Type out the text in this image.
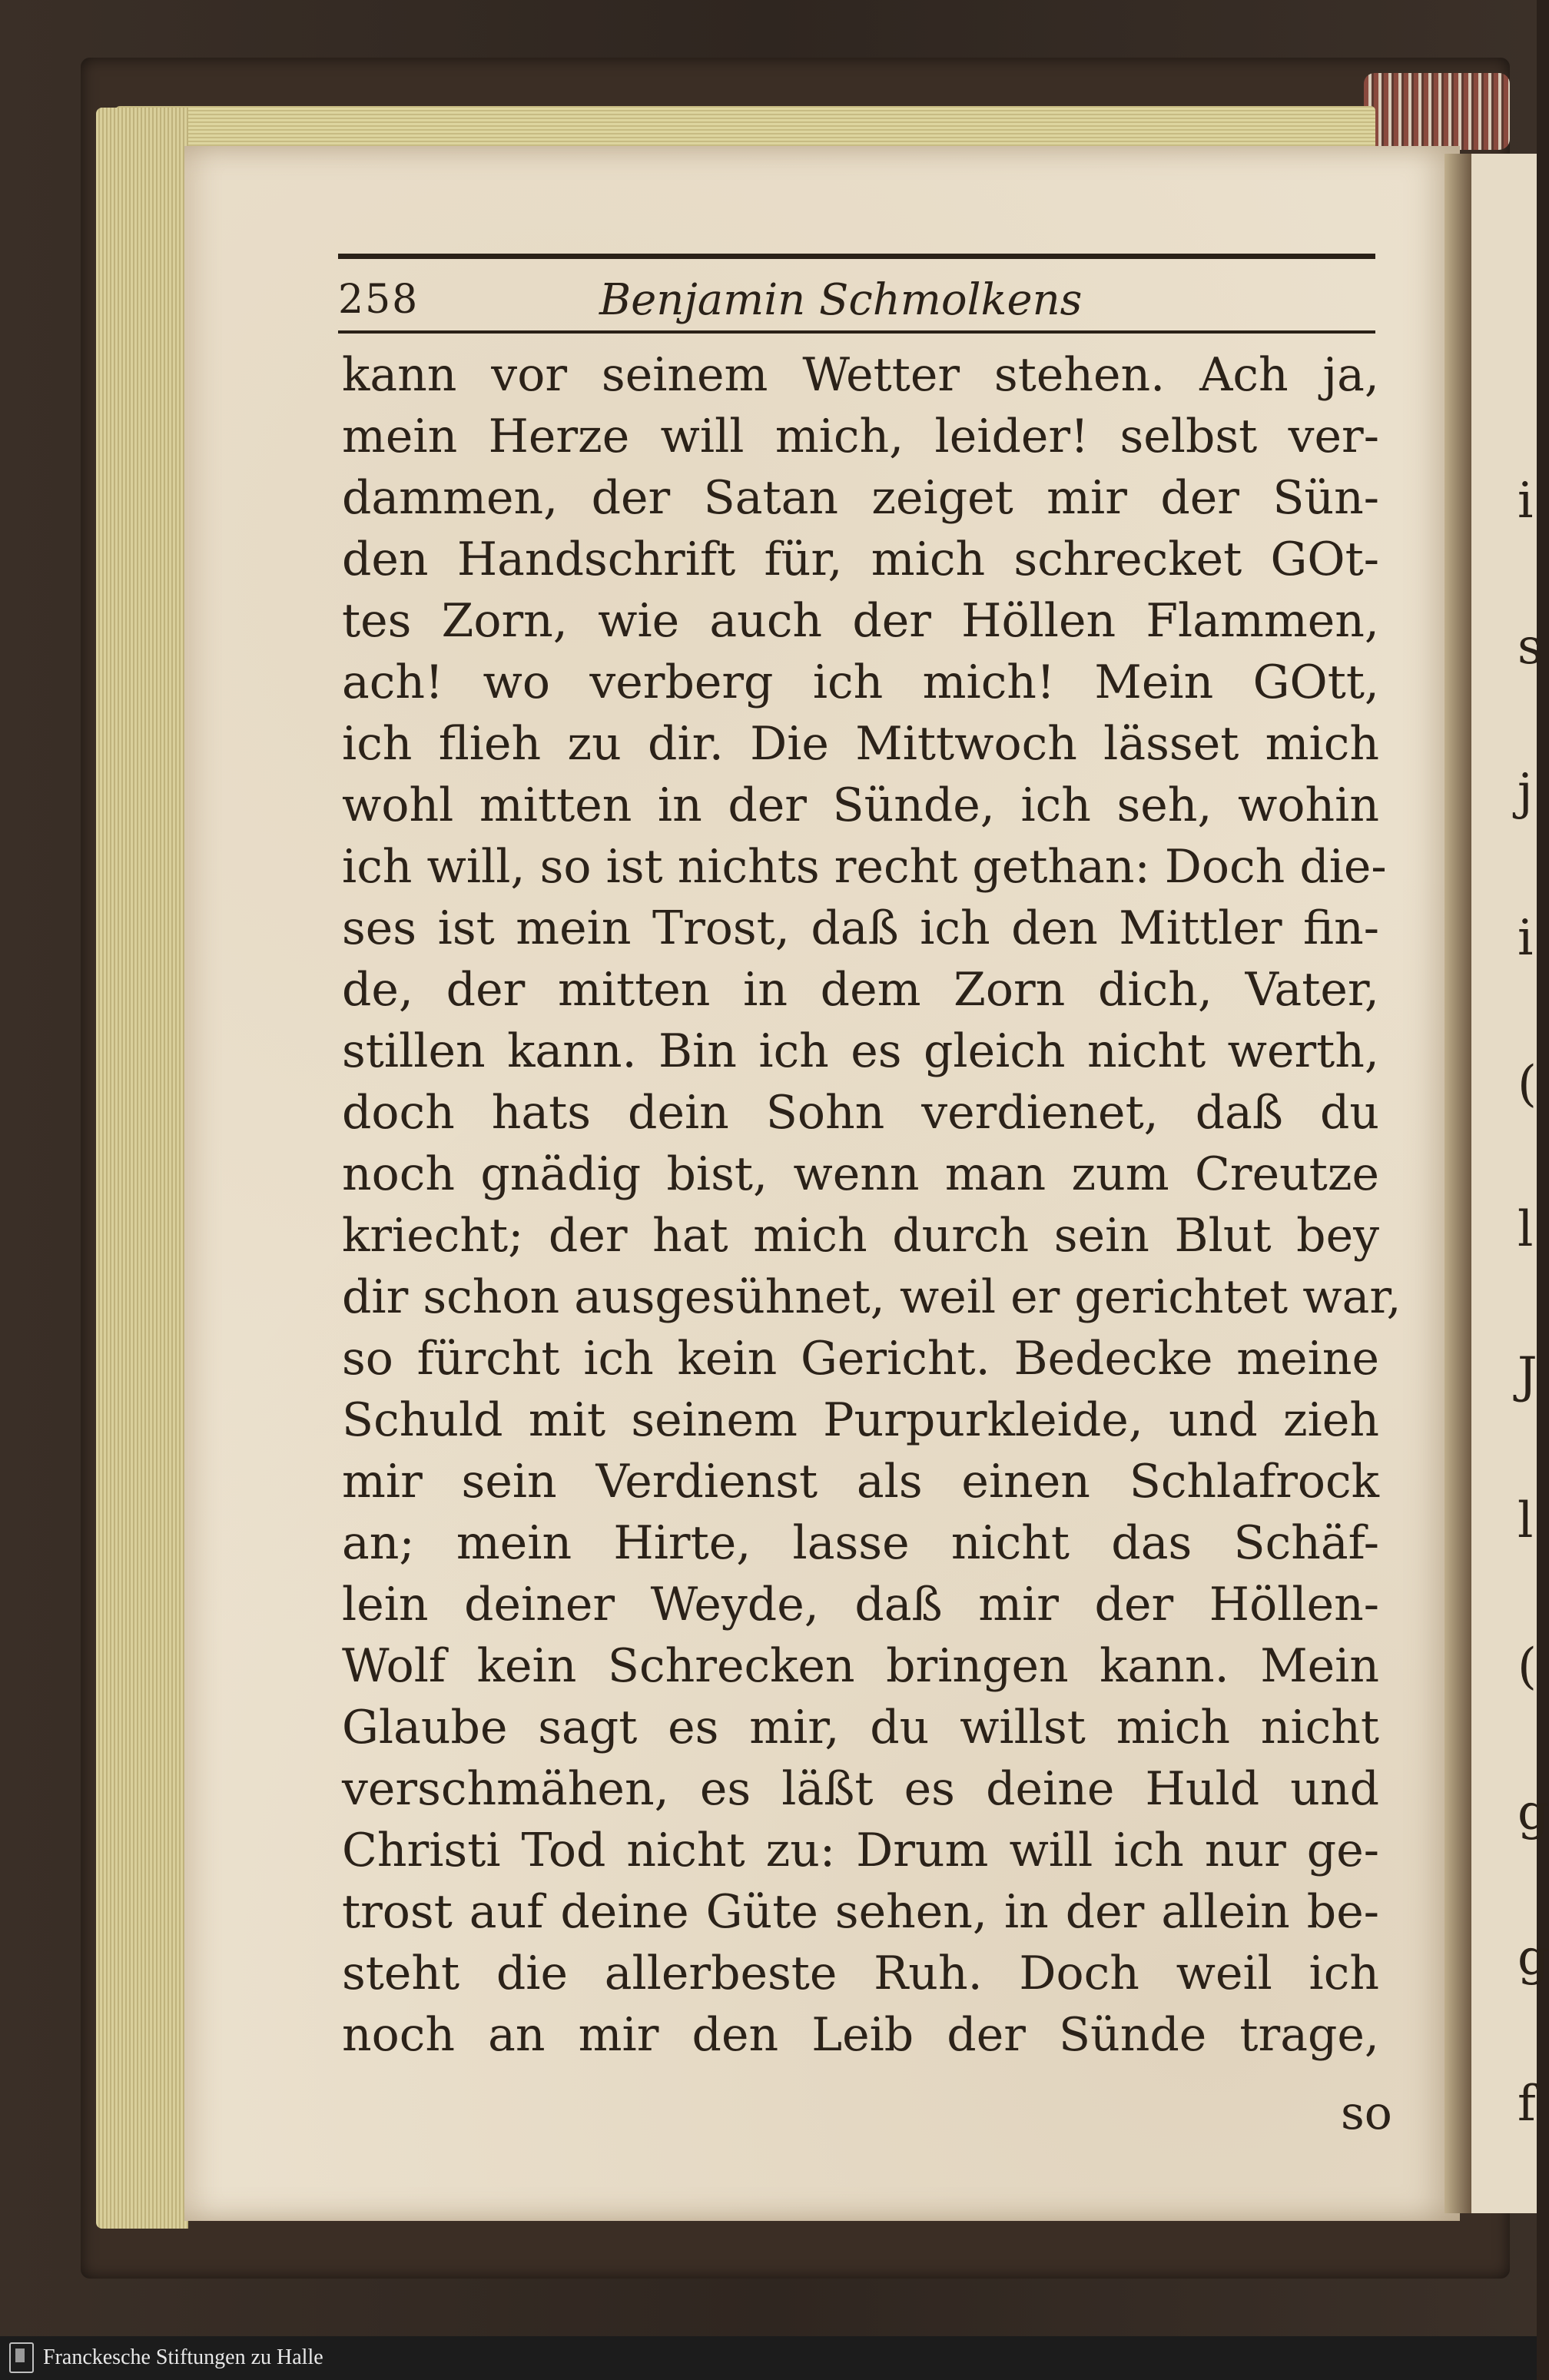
i
s
j
i
(
l
J
l
(
g
g
f
258	Benjamin Schmolkens
kann vor seinem Wetter stehen. Ach ja,
mein Herze will mich, leider! selbst ver-
dammen, der Satan zeiget mir der Sün-
den Handschrift für, mich schrecket GOt-
tes Zorn, wie auch der Höllen Flammen,
ach! wo verberg ich mich! Mein GOtt,
ich flieh zu dir. Die Mittwoch lässet mich
wohl mitten in der Sünde, ich seh, wohin
ich will, so ist nichts recht gethan: Doch die-
ses ist mein Trost, daß ich den Mittler fin-
de, der mitten in dem Zorn dich, Vater,
stillen kann. Bin ich es gleich nicht werth,
doch hats dein Sohn verdienet, daß du
noch gnädig bist, wenn man zum Creutze
kriecht; der hat mich durch sein Blut bey
dir schon ausgesühnet, weil er gerichtet war,
so fürcht ich kein Gericht. Bedecke meine
Schuld mit seinem Purpurkleide, und zieh
mir sein Verdienst als einen Schlafrock
an; mein Hirte, lasse nicht das Schäf-
lein deiner Weyde, daß mir der Höllen-
Wolf kein Schrecken bringen kann. Mein
Glaube sagt es mir, du willst mich nicht
verschmähen, es läßt es deine Huld und
Christi Tod nicht zu: Drum will ich nur ge-
trost auf deine Güte sehen, in der allein be-
steht die allerbeste Ruh. Doch weil ich
noch an mir den Leib der Sünde trage,
so
Franckesche Stiftungen zu Halle
